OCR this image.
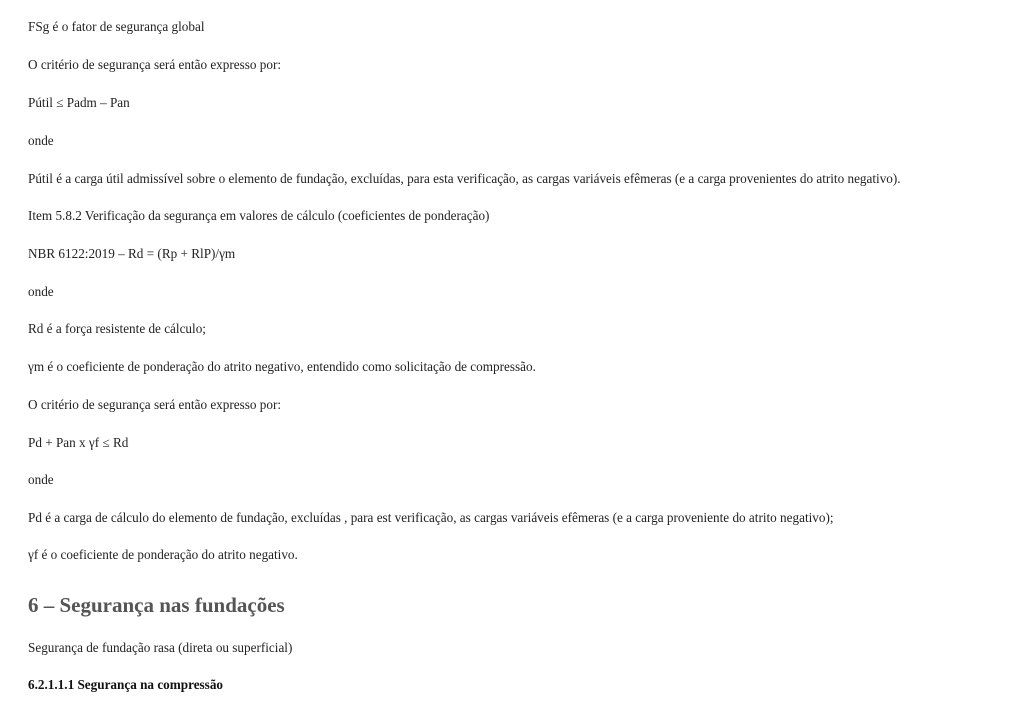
FSg é o fator de segurança global
O critério de segurança será então expresso por:
Pútil ≤ Padm – Pan
onde
Pútil é a carga útil admissível sobre o elemento de fundação, excluídas, para esta verificação, as cargas variáveis efêmeras (e a carga provenientes do atrito negativo).
Item 5.8.2 Verificação da segurança em valores de cálculo (coeficientes de ponderação)
NBR 6122:2019 – Rd = (Rp + RlP)/γm
onde
Rd é a força resistente de cálculo;
γm é o coeficiente de ponderação do atrito negativo, entendido como solicitação de compressão.
O critério de segurança será então expresso por:
Pd + Pan x γf ≤ Rd
onde
Pd é a carga de cálculo do elemento de fundação, excluídas , para est verificação, as cargas variáveis efêmeras (e a carga proveniente do atrito negativo);
γf é o coeficiente de ponderação do atrito negativo.
6 – Segurança nas fundações
Segurança de fundação rasa (direta ou superficial)
6.2.1.1.1 Segurança na compressão
